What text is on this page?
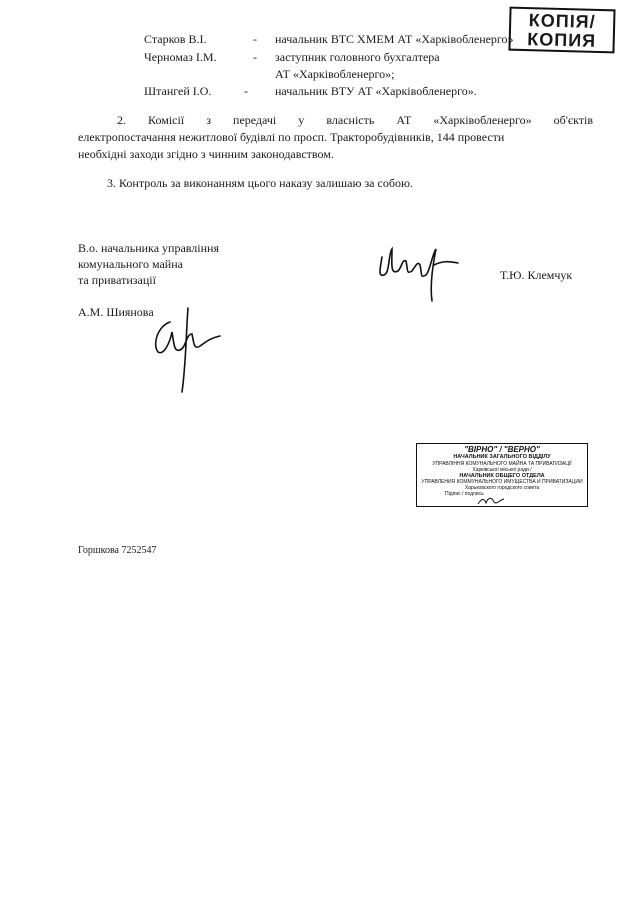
КОПІЯ/
КОПИЯ
Старков В.І.	- начальник ВТС ХМЕМ АТ «Харківобленерго»
Черномаз І.М.	- заступник головного бухгалтера
АТ «Харківобленерго»;
Штангей І.О.	- начальник ВТУ АТ «Харківобленерго».
2. Комісії з передачі у власність АТ «Харківобленерго» об'єктів
електропостачання нежитлової будівлі по просп. Тракторобудівників, 144 провести
необхідні заходи згідно з чинним законодавством.
3. Контроль за виконанням цього наказу залишаю за собою.
В.о. начальника управління
комунального майна
та приватизації	Т.Ю. Клемчук
А.М. Шиянова
Горшкова 7252547
"ВІРНО" / "ВЕРНО"
НАЧАЛЬНИК ЗАГАЛЬНОГО ВІДДІЛУ
УПРАВЛІННЯ КОМУНАЛЬНОГО МАЙНА ТА ПРИВАТИЗАЦІЇ
Харківської міської ради /
НАЧАЛЬНИК ОБЩЕГО ОТДЕЛА
УПРАВЛЕНИЯ КОММУНАЛЬНОГО ИМУЩЕСТВА И ПРИВАТИЗАЦИИ
Харьковского городского совета
Підпис / подпись
